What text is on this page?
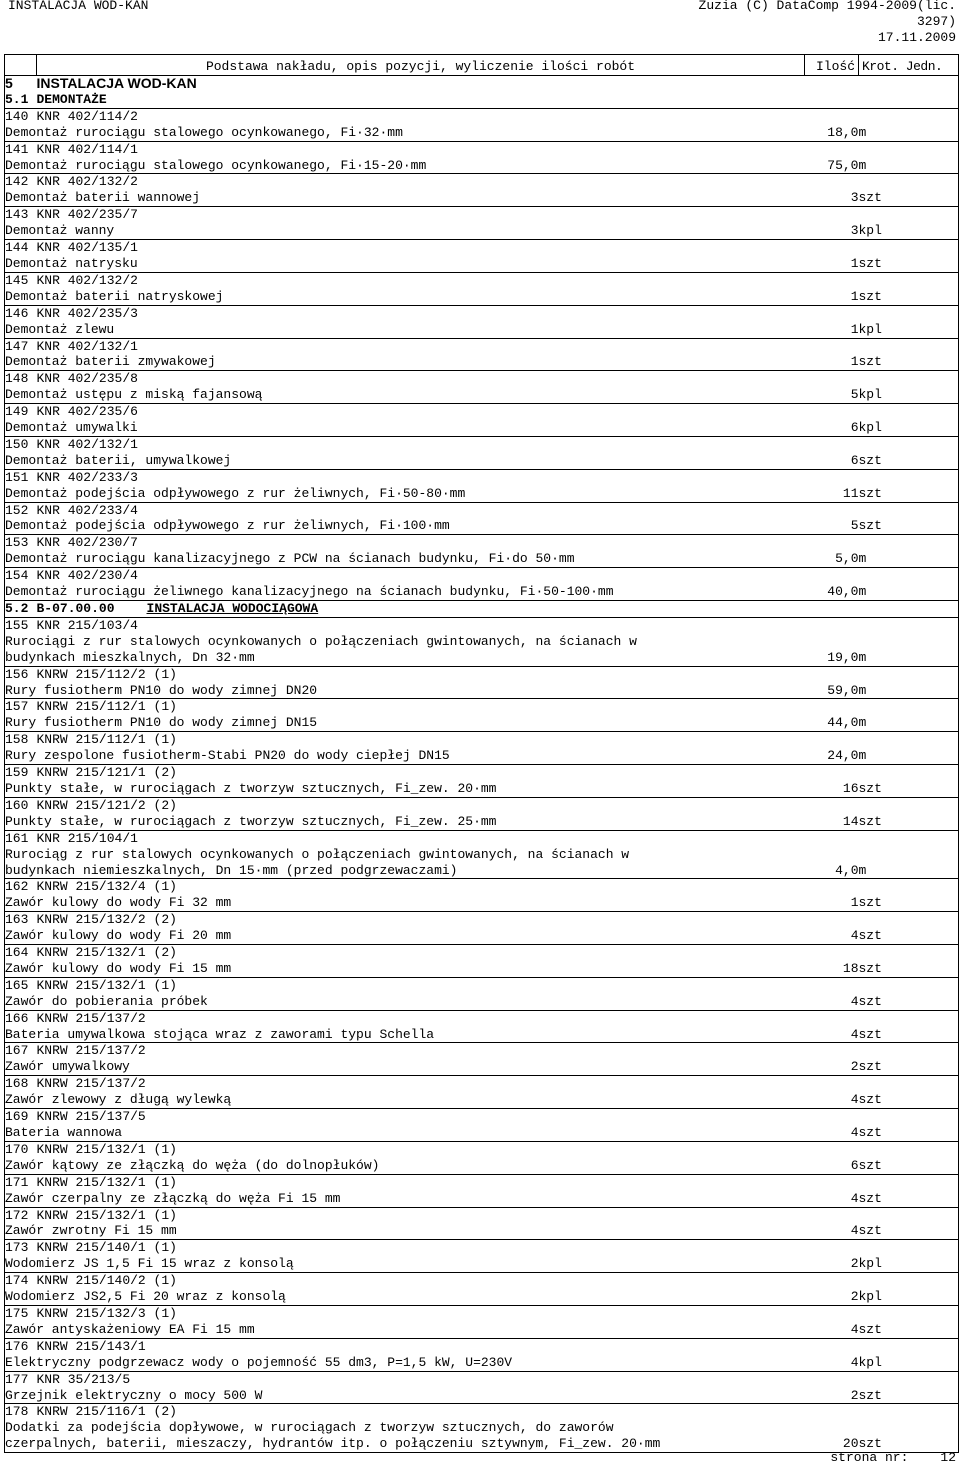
INSTALACJA WOD-KAN	Zuzia (C) DataComp 1994-2009(lic.
3297)
17.11.2009
	Podstawa nakładu, opis pozycji, wyliczenie ilości robót	Ilość	Krot. Jedn.
5	INSTALACJA WOD-KAN		
5.1	DEMONTAŻE		
140	KNR 402/114/2		
Demontaż rurociągu stalowego ocynkowanego, Fi·32·mm		18,0	m
141	KNR 402/114/1		
Demontaż rurociągu stalowego ocynkowanego, Fi·15-20·mm		75,0	m
142	KNR 402/132/2		
Demontaż baterii wannowej		3	szt
143	KNR 402/235/7		
Demontaż wanny		3	kpl
144	KNR 402/135/1		
Demontaż natrysku		1	szt
145	KNR 402/132/2		
Demontaż baterii natryskowej		1	szt
146	KNR 402/235/3		
Demontaż zlewu		1	kpl
147	KNR 402/132/1		
Demontaż baterii zmywakowej		1	szt
148	KNR 402/235/8		
Demontaż ustępu z miską fajansową		5	kpl
149	KNR 402/235/6		
Demontaż umywalki		6	kpl
150	KNR 402/132/1		
Demontaż baterii, umywalkowej		6	szt
151	KNR 402/233/3		
Demontaż podejścia odpływowego z rur żeliwnych, Fi·50-80·mm		11	szt
152	KNR 402/233/4		
Demontaż podejścia odpływowego z rur żeliwnych, Fi·100·mm		5	szt
153	KNR 402/230/7		
Demontaż rurociągu kanalizacyjnego z PCW na ścianach budynku, Fi·do 50·mm		5,0	m
154	KNR 402/230/4		
Demontaż rurociągu żeliwnego kanalizacyjnego na ścianach budynku, Fi·50-100·mm		40,0	m
5.2	B-07.00.00 INSTALACJA WODOCIĄGOWA		
155	KNR 215/103/4		
Rurociągi z rur stalowych ocynkowanych o połączeniach gwintowanych, na ścianach w			
budynkach mieszkalnych, Dn 32·mm		19,0	m
156	KNRW 215/112/2 (1)		
Rury fusiotherm PN10 do wody zimnej DN20		59,0	m
157	KNRW 215/112/1 (1)		
Rury fusiotherm PN10 do wody zimnej DN15		44,0	m
158	KNRW 215/112/1 (1)		
Rury zespolone fusiotherm-Stabi PN20 do wody ciepłej DN15		24,0	m
159	KNRW 215/121/1 (2)		
Punkty stałe, w rurociągach z tworzyw sztucznych, Fi_zew. 20·mm		16	szt
160	KNRW 215/121/2 (2)		
Punkty stałe, w rurociągach z tworzyw sztucznych, Fi_zew. 25·mm		14	szt
161	KNR 215/104/1		
Rurociąg z rur stalowych ocynkowanych o połączeniach gwintowanych, na ścianach w			
budynkach niemieszkalnych, Dn 15·mm (przed podgrzewaczami)		4,0	m
162	KNRW 215/132/4 (1)		
Zawór kulowy do wody Fi 32 mm		1	szt
163	KNRW 215/132/2 (2)		
Zawór kulowy do wody Fi 20 mm		4	szt
164	KNRW 215/132/1 (2)		
Zawór kulowy do wody Fi 15 mm		18	szt
165	KNRW 215/132/1 (1)		
Zawór do pobierania próbek		4	szt
166	KNRW 215/137/2		
Bateria umywalkowa stojąca wraz z zaworami typu Schella		4	szt
167	KNRW 215/137/2		
Zawór umywalkowy		2	szt
168	KNRW 215/137/2		
Zawór zlewowy z długą wylewką		4	szt
169	KNRW 215/137/5		
Bateria wannowa		4	szt
170	KNRW 215/132/1 (1)		
Zawór kątowy ze złączką do węża (do dolnopłuków)		6	szt
171	KNRW 215/132/1 (1)		
Zawór czerpalny ze złączką do węża Fi 15 mm		4	szt
172	KNRW 215/132/1 (1)		
Zawór zwrotny Fi 15 mm		4	szt
173	KNRW 215/140/1 (1)		
Wodomierz JS 1,5 Fi 15 wraz z konsolą		2	kpl
174	KNRW 215/140/2 (1)		
Wodomierz JS2,5 Fi 20 wraz z konsolą		2	kpl
175	KNRW 215/132/3 (1)		
Zawór antyskażeniowy EA Fi 15 mm		4	szt
176	KNRW 215/143/1		
Elektryczny podgrzewacz wody o pojemność 55 dm3, P=1,5 kW, U=230V		4	kpl
177	KNR 35/213/5		
Grzejnik elektryczny o mocy 500 W		2	szt
178	KNRW 215/116/1 (2)		
Dodatki za podejścia dopływowe, w rurociągach z tworzyw sztucznych, do zaworów			
czerpalnych, baterii, mieszaczy, hydrantów itp. o połączeniu sztywnym, Fi_zew. 20·mm		20	szt
strona nr: 12
